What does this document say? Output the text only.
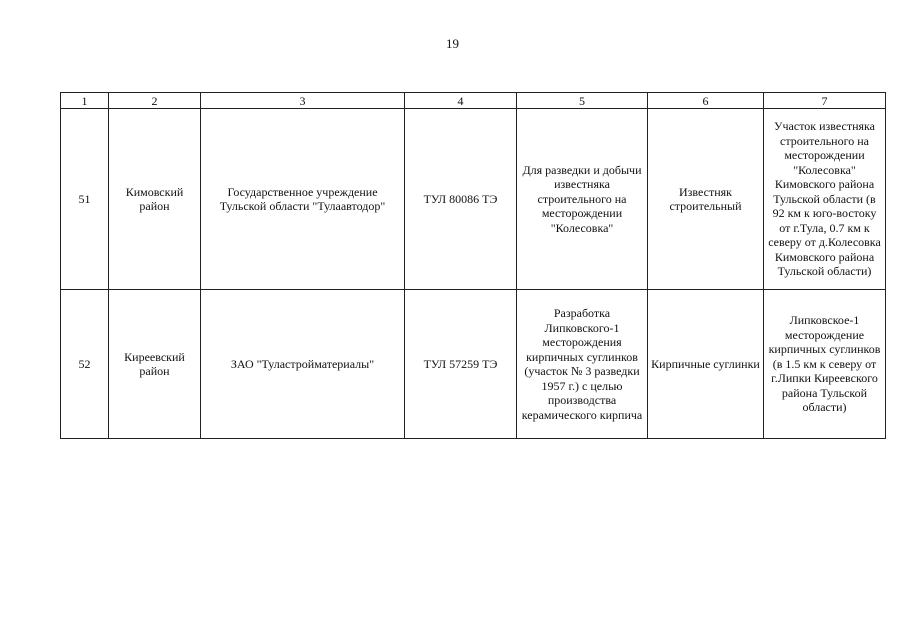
19
1	2	3	4	5	6	7
51	Кимовский район	Государственное учреждение Тульской области "Тулаавтодор"	ТУЛ 80086 ТЭ	Для разведки и добычи известняка строительного на месторождении "Колесовка"	Известняк строительный	Участок известняка строительного на месторождении "Колесовка" Кимовского района Тульской области (в 92 км к юго-востоку от г.Тула, 0.7 км к северу от д.Колесовка Кимовского района Тульской области)
52	Киреевский район	ЗАО "Туластройматериалы"	ТУЛ 57259 ТЭ	Разработка Липковского-1 месторождения кирпичных суглинков (участок № 3 разведки 1957 г.) с целью производства керамического кирпича	Кирпичные суглинки	Липковское-1 месторождение кирпичных суглинков (в 1.5 км к северу от г.Липки Киреевского района Тульской области)
